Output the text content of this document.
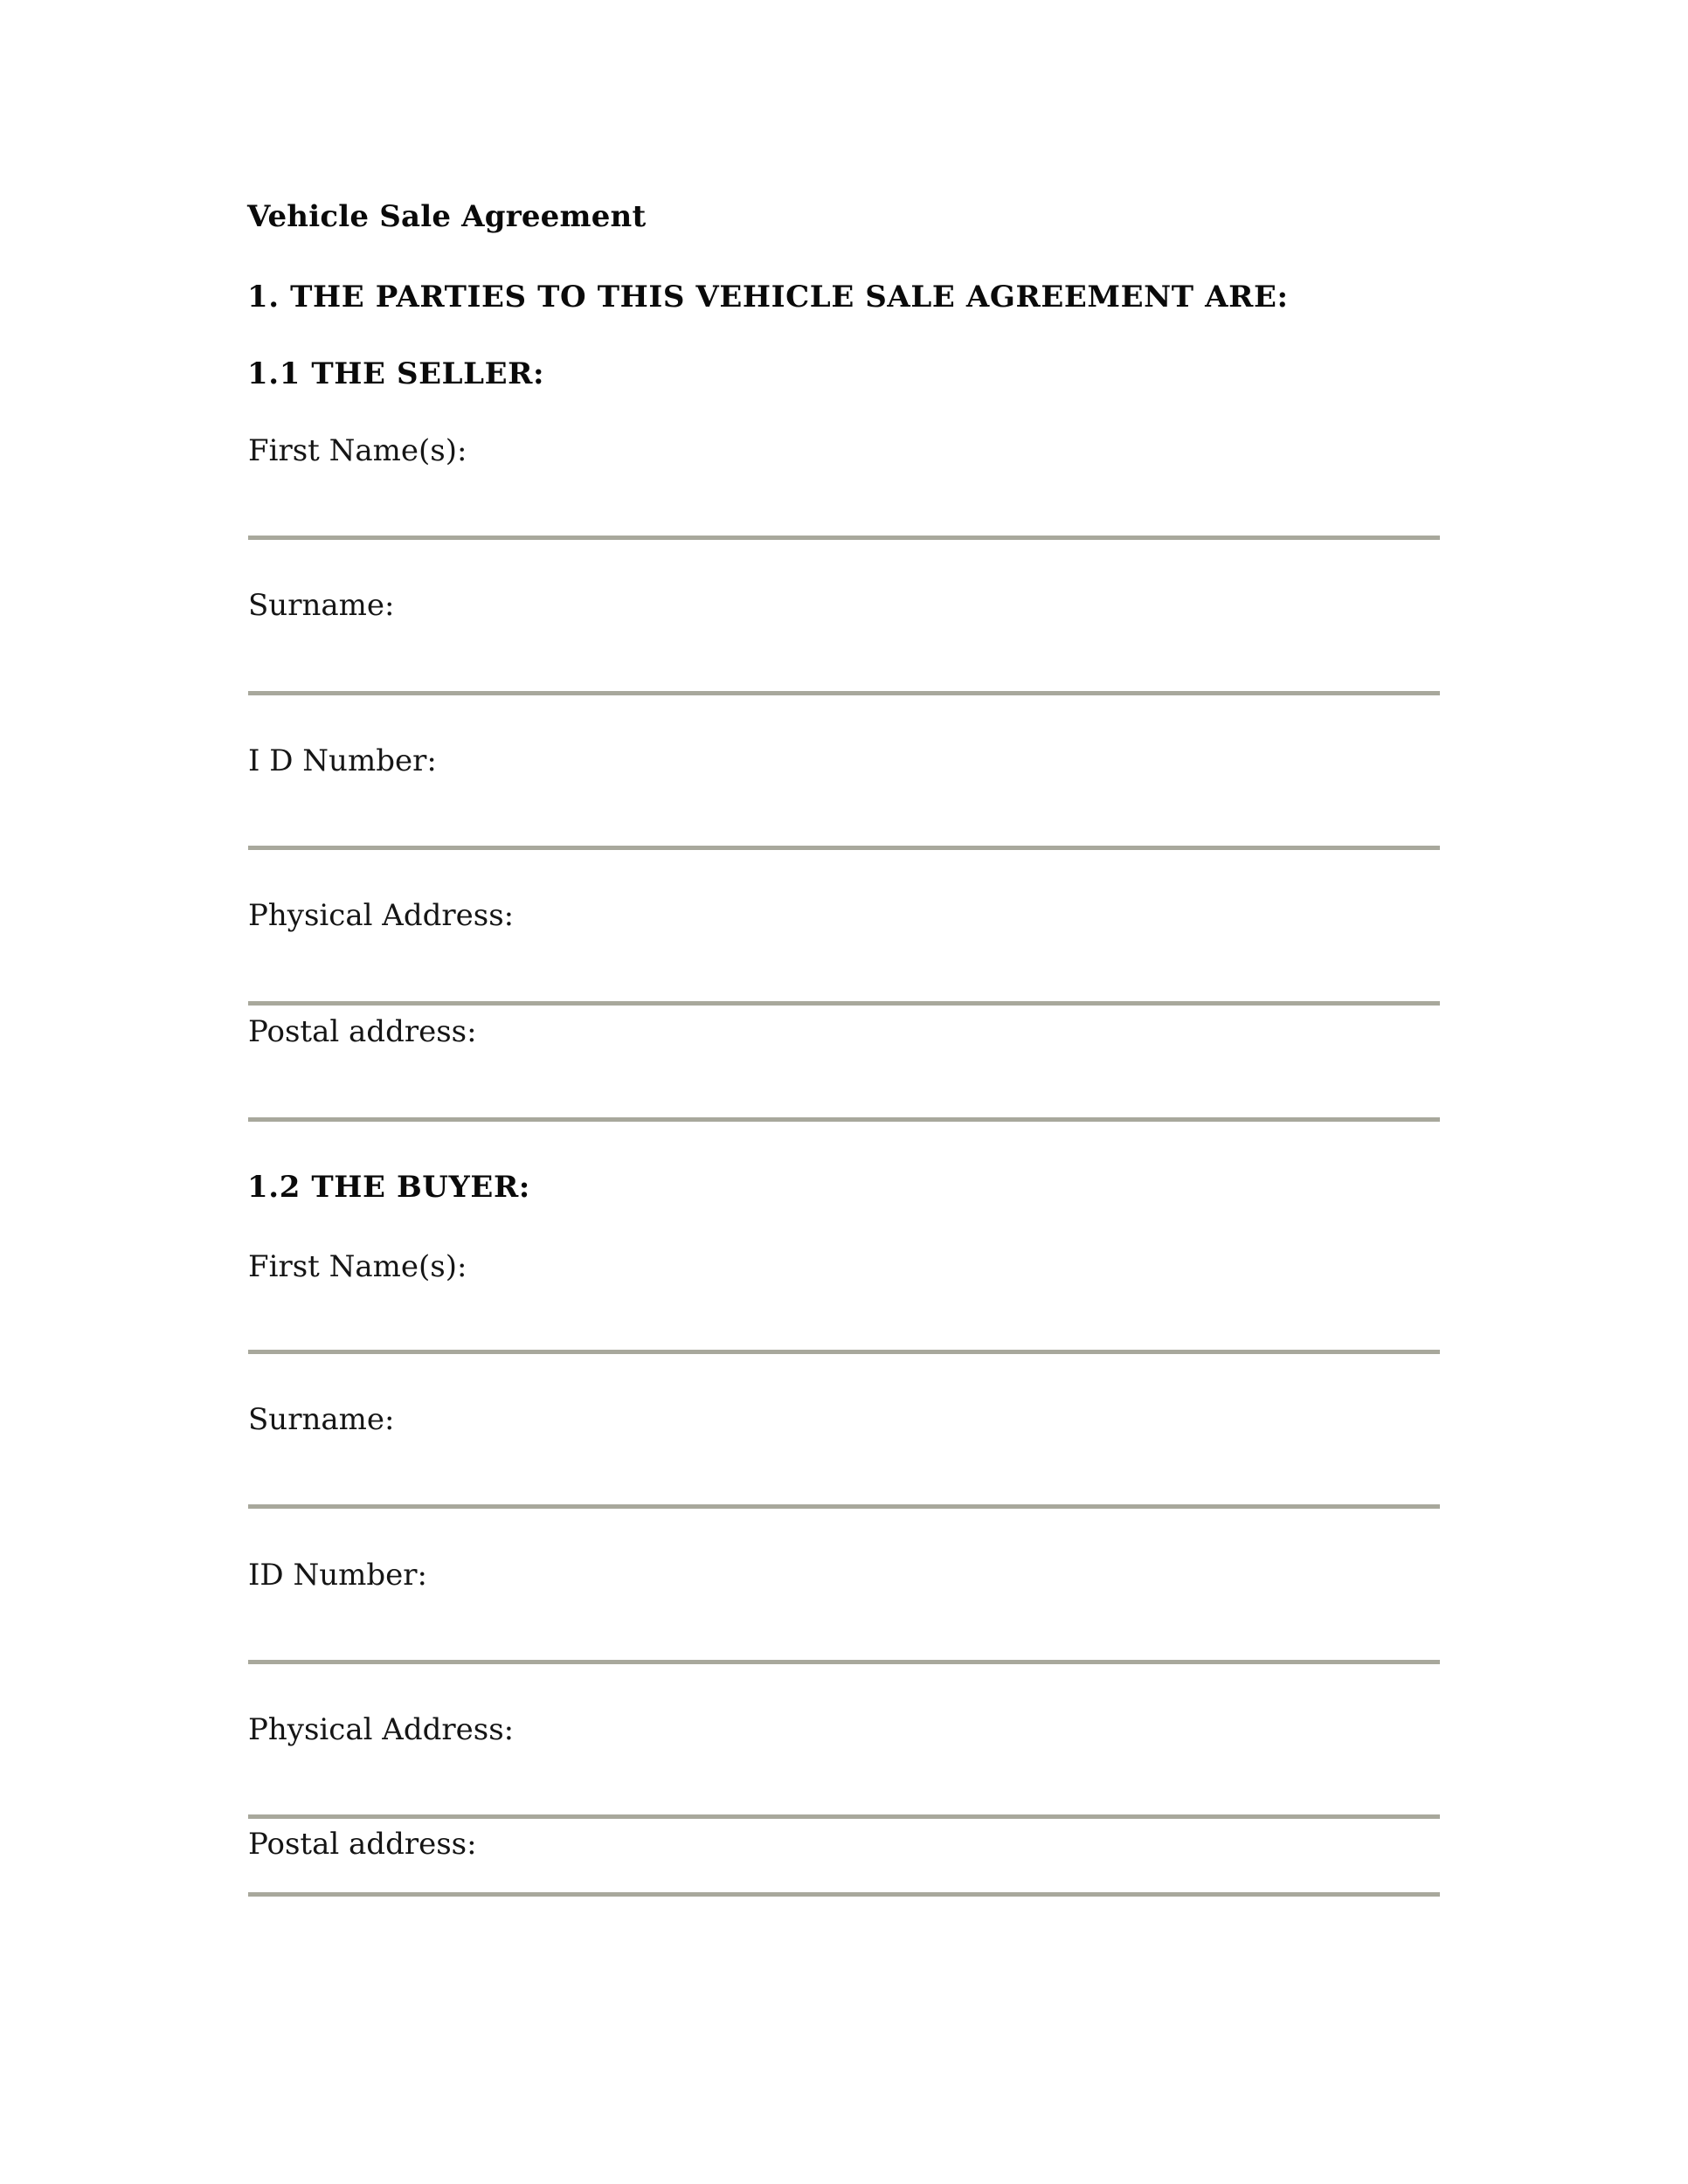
Vehicle Sale Agreement
1. THE PARTIES TO THIS VEHICLE SALE AGREEMENT ARE:
1.1 THE SELLER:
First Name(s):
Surname:
I D Number:
Physical Address:
Postal address:
1.2 THE BUYER:
First Name(s):
Surname:
ID Number:
Physical Address:
Postal address:
